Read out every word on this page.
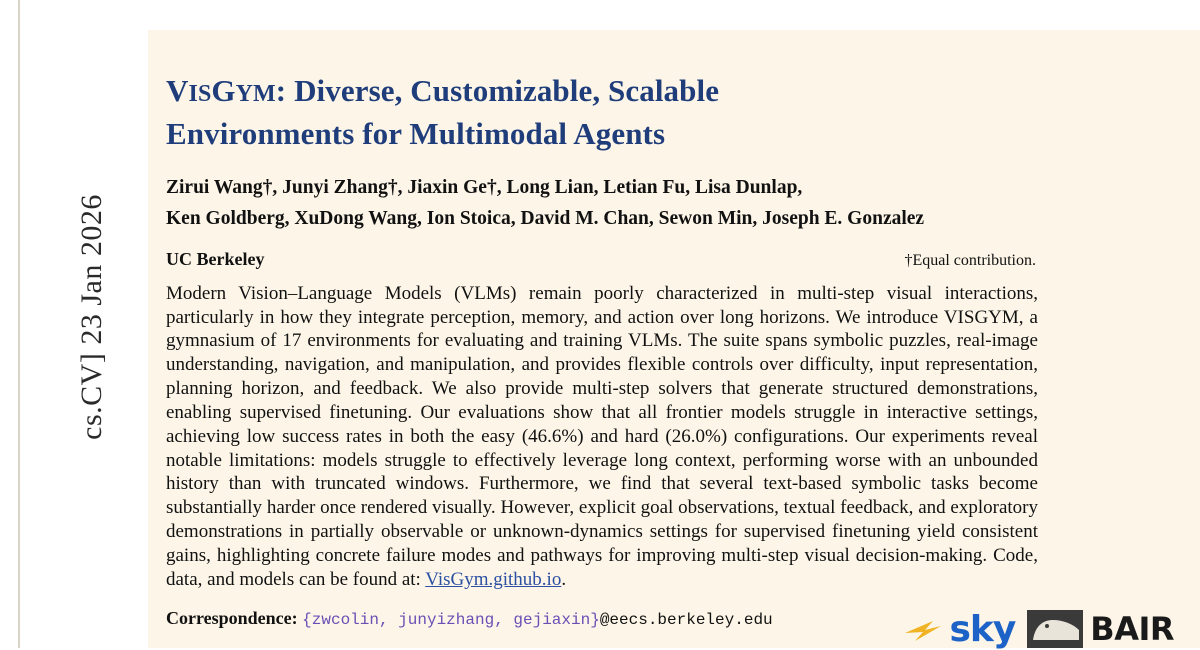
cs.CV] 23 Jan 2026
VISGYM: Diverse, Customizable, Scalable
Environments for Multimodal Agents
Zirui Wang†, Junyi Zhang†, Jiaxin Ge†, Long Lian, Letian Fu, Lisa Dunlap,
Ken Goldberg, XuDong Wang, Ion Stoica, David M. Chan, Sewon Min, Joseph E. Gonzalez
UC Berkeley	†Equal contribution.
Modern Vision–Language Models (VLMs) remain poorly characterized in multi-step visual interactions, particularly in how they integrate perception, memory, and action over long horizons. We introduce VISGYM, a gymnasium of 17 environments for evaluating and training VLMs. The suite spans symbolic puzzles, real-image understanding, navigation, and manipulation, and provides flexible controls over difficulty, input representation, planning horizon, and feedback. We also provide multi-step solvers that generate structured demonstrations, enabling supervised finetuning. Our evaluations show that all frontier models struggle in interactive settings, achieving low success rates in both the easy (46.6%) and hard (26.0%) configurations. Our experiments reveal notable limitations: models struggle to effectively leverage long context, performing worse with an unbounded history than with truncated windows. Furthermore, we find that several text-based symbolic tasks become substantially harder once rendered visually. However, explicit goal observations, textual feedback, and exploratory demonstrations in partially observable or unknown-dynamics settings for supervised finetuning yield consistent gains, highlighting concrete failure modes and pathways for improving multi-step visual decision-making. Code, data, and models can be found at: VisGym.github.io.
Correspondence: {zwcolin, junyizhang, gejiaxin}@eecs.berkeley.edu	sky BAIR
